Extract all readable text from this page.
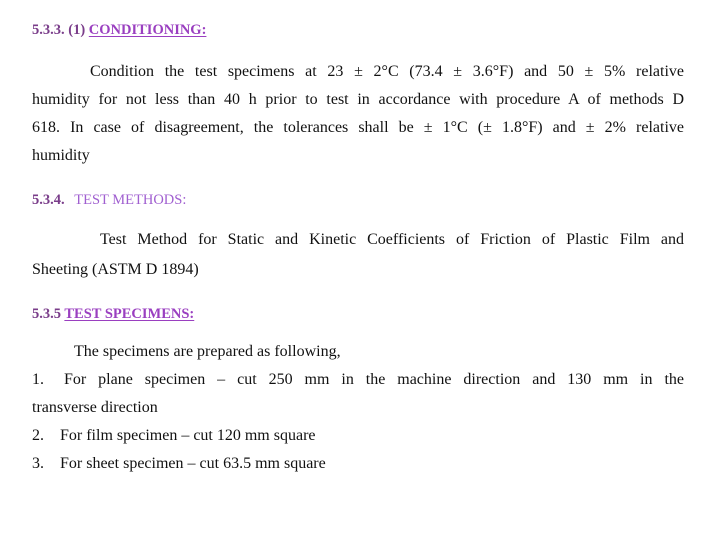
5.3.3. (1) CONDITIONING:
Condition the test specimens at 23 ± 2°C (73.4 ± 3.6°F) and 50 ± 5% relative
humidity for not less than 40 h prior to test in accordance with procedure A of methods D
618. In case of disagreement, the tolerances shall be ± 1°C (± 1.8°F) and ± 2% relative
humidity
5.3.4. TEST METHODS:
Test Method for Static and Kinetic Coefficients of Friction of Plastic Film and
Sheeting (ASTM D 1894)
5.3.5 TEST SPECIMENS:
The specimens are prepared as following,
1. For plane specimen – cut 250 mm in the machine direction and 130 mm in the
transverse direction
2. For film specimen – cut 120 mm square
3. For sheet specimen – cut 63.5 mm square
